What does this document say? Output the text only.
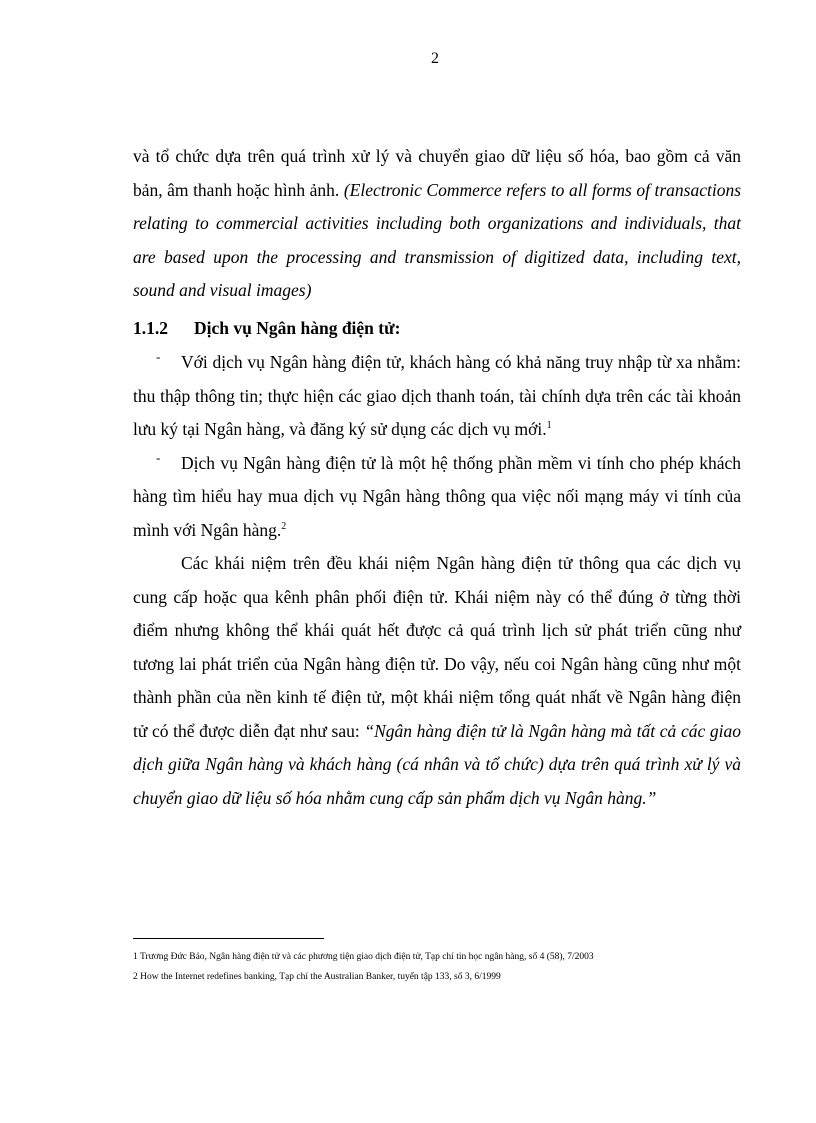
2

và tổ chức dựa trên quá trình xử lý và chuyển giao dữ liệu số hóa, bao gồm cả văn bản, âm thanh hoặc hình ảnh. (Electronic Commerce refers to all forms of transactions relating to commercial activities including both organizations and individuals, that are based upon the processing and transmission of digitized data, including text, sound and visual images)

1.1.2 Dịch vụ Ngân hàng điện tử:

- Với dịch vụ Ngân hàng điện tử, khách hàng có khả năng truy nhập từ xa nhằm: thu thập thông tin; thực hiện các giao dịch thanh toán, tài chính dựa trên các tài khoản lưu ký tại Ngân hàng, và đăng ký sử dụng các dịch vụ mới.$^1$

- Dịch vụ Ngân hàng điện tử là một hệ thống phần mềm vi tính cho phép khách hàng tìm hiểu hay mua dịch vụ Ngân hàng thông qua việc nối mạng máy vi tính của mình với Ngân hàng.$^2$

Các khái niệm trên đều khái niệm Ngân hàng điện tử thông qua các dịch vụ cung cấp hoặc qua kênh phân phối điện tử. Khái niệm này có thể đúng ở từng thời điểm nhưng không thể khái quát hết được cả quá trình lịch sử phát triển cũng như tương lai phát triển của Ngân hàng điện tử. Do vậy, nếu coi Ngân hàng cũng như một thành phần của nền kinh tế điện tử, một khái niệm tổng quát nhất về Ngân hàng điện tử có thể được diễn đạt như sau: “Ngân hàng điện tử là Ngân hàng mà tất cả các giao dịch giữa Ngân hàng và khách hàng (cá nhân và tổ chức) dựa trên quá trình xử lý và chuyển giao dữ liệu số hóa nhằm cung cấp sản phẩm dịch vụ Ngân hàng.”

1 Trương Đức Bảo, Ngân hàng điện tử và các phương tiện giao dịch điện tử, Tạp chí tin học ngân hàng, số 4 (58), 7/2003
2 How the Internet redefines banking, Tạp chí the Australian Banker, tuyển tập 133, số 3, 6/1999
